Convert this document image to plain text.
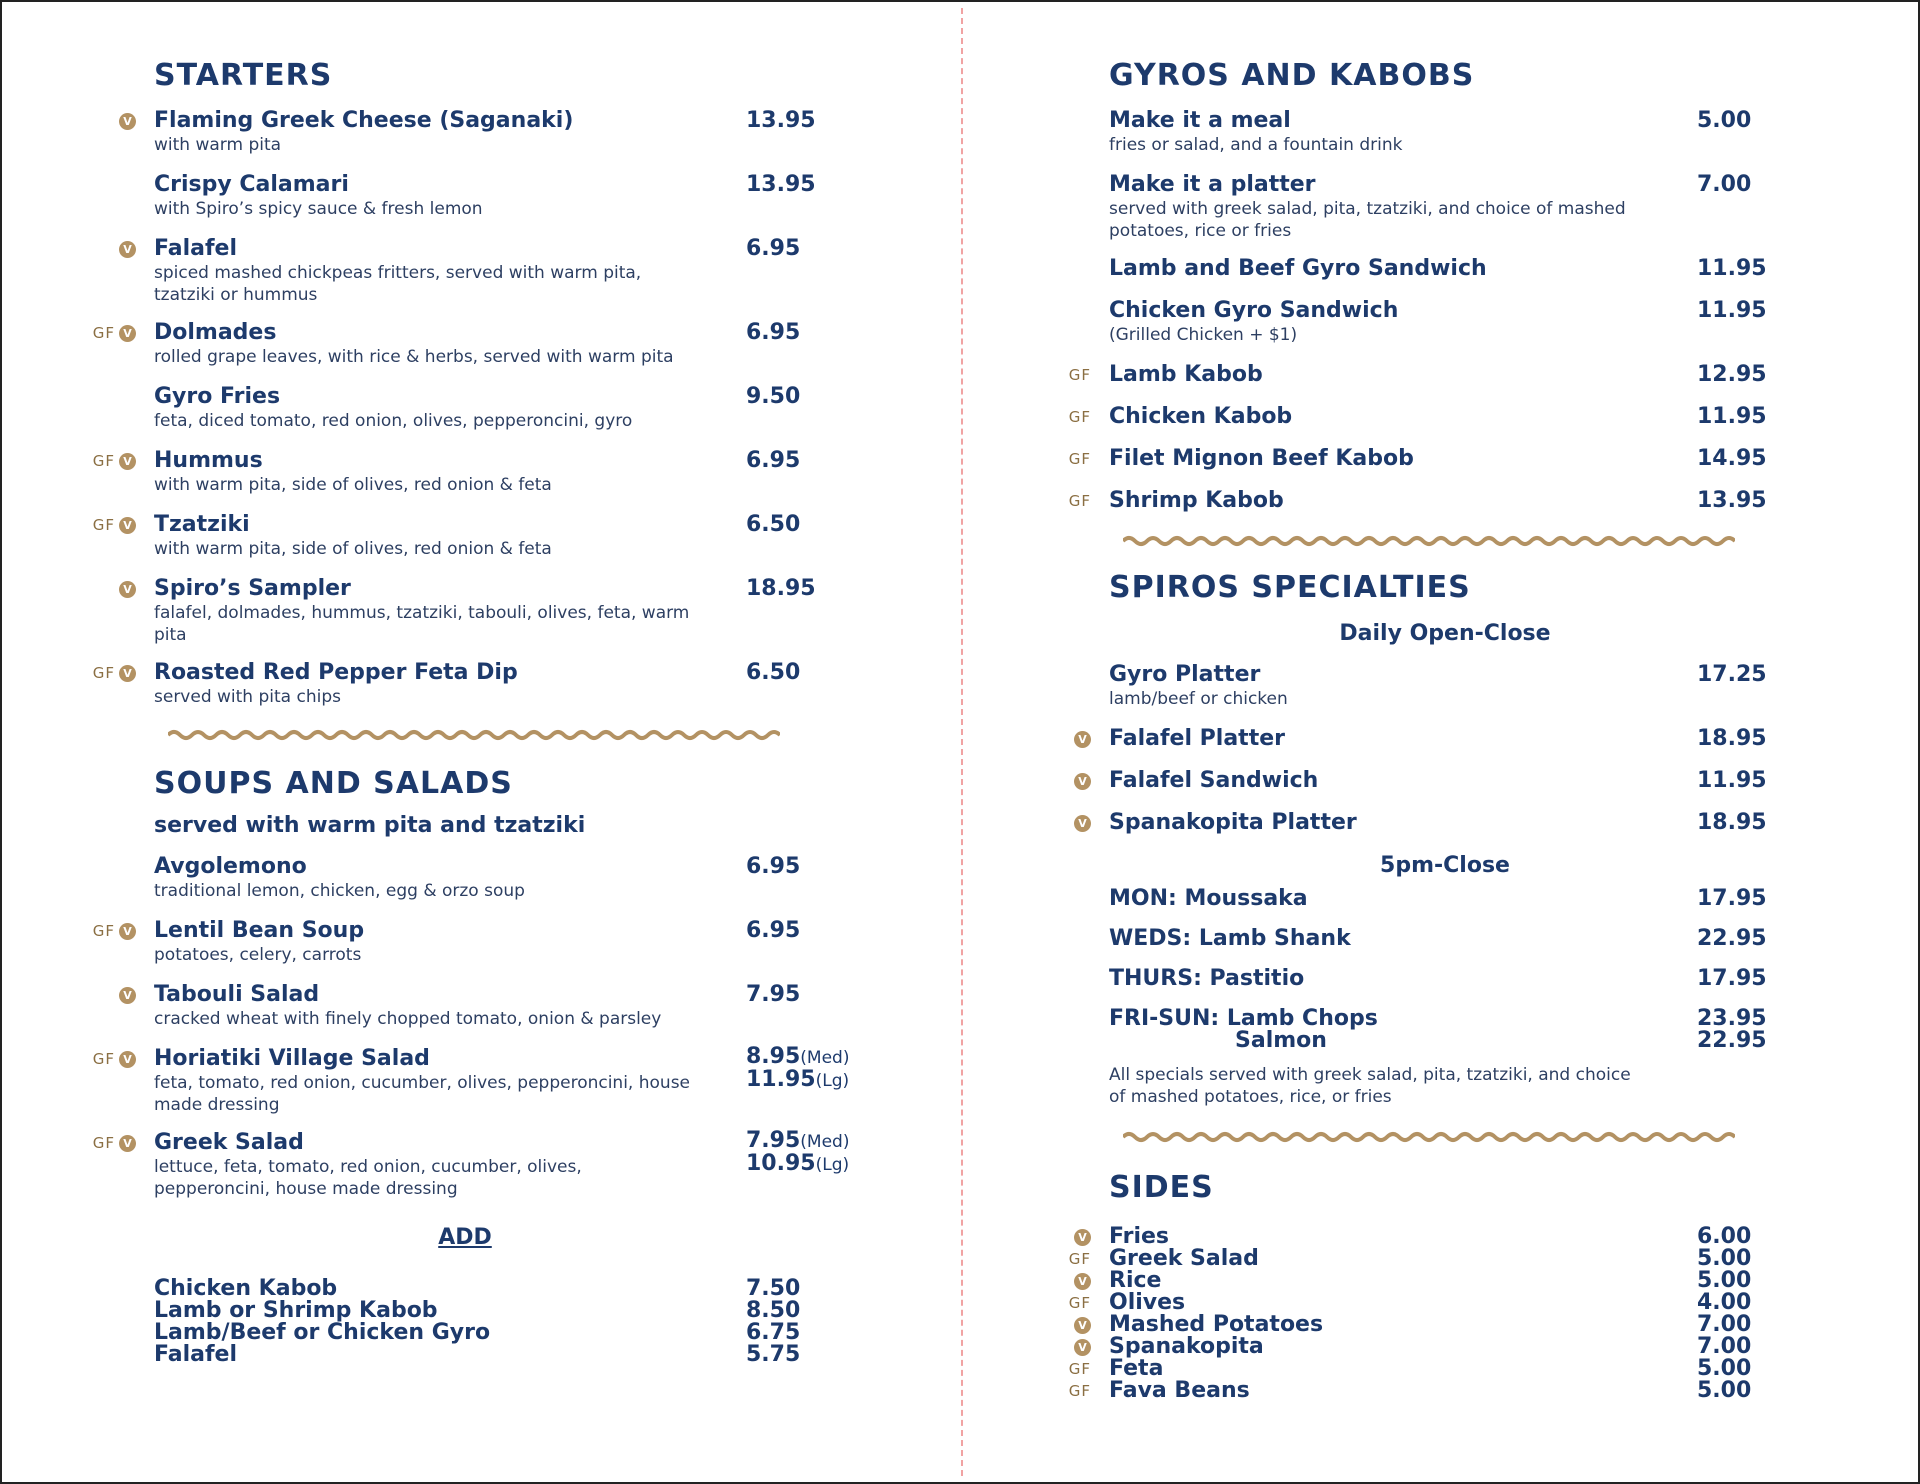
STARTERS
V Flaming Greek Cheese (Saganaki)	13.95
with warm pita
Crispy Calamari	13.95
with Spiro’s spicy sauce & fresh lemon
V Falafel	6.95
spiced mashed chickpeas fritters, served with warm pita, tzatziki or hummus
GF V Dolmades	6.95
rolled grape leaves, with rice & herbs, served with warm pita
Gyro Fries	9.50
feta, diced tomato, red onion, olives, pepperoncini, gyro
GF V Hummus	6.95
with warm pita, side of olives, red onion & feta
GF V Tzatziki	6.50
with warm pita, side of olives, red onion & feta
V Spiro’s Sampler	18.95
falafel, dolmades, hummus, tzatziki, tabouli, olives, feta, warm pita
GF V Roasted Red Pepper Feta Dip	6.50
served with pita chips
SOUPS AND SALADS
served with warm pita and tzatziki
Avgolemono	6.95
traditional lemon, chicken, egg & orzo soup
GF V Lentil Bean Soup	6.95
potatoes, celery, carrots
V Tabouli Salad	7.95
cracked wheat with finely chopped tomato, onion & parsley
GF V Horiatiki Village Salad	8.95(Med)
11.95(Lg)
feta, tomato, red onion, cucumber, olives, pepperoncini, house made dressing
GF V Greek Salad	7.95(Med)
10.95(Lg)
lettuce, feta, tomato, red onion, cucumber, olives, pepperoncini, house made dressing
ADD
Chicken Kabob	7.50
Lamb or Shrimp Kabob	8.50
Lamb/Beef or Chicken Gyro	6.75
Falafel	5.75
GYROS AND KABOBS
Make it a meal	5.00
fries or salad, and a fountain drink
Make it a platter	7.00
served with greek salad, pita, tzatziki, and choice of mashed potatoes, rice or fries
Lamb and Beef Gyro Sandwich	11.95
Chicken Gyro Sandwich	11.95
(Grilled Chicken + $1)
GF Lamb Kabob	12.95
GF Chicken Kabob	11.95
GF Filet Mignon Beef Kabob	14.95
GF Shrimp Kabob	13.95
SPIROS SPECIALTIES
Daily Open-Close
Gyro Platter	17.25
lamb/beef or chicken
V Falafel Platter	18.95
V Falafel Sandwich	11.95
V Spanakopita Platter	18.95
5pm-Close
MON: Moussaka	17.95
WEDS: Lamb Shank	22.95
THURS: Pastitio	17.95
FRI-SUN: Lamb Chops	23.95
Salmon	22.95
All specials served with greek salad, pita, tzatziki, and choice of mashed potatoes, rice, or fries
SIDES
V Fries	6.00
GF Greek Salad	5.00
V Rice	5.00
GF Olives	4.00
V Mashed Potatoes	7.00
V Spanakopita	7.00
GF Feta	5.00
GF Fava Beans	5.00
